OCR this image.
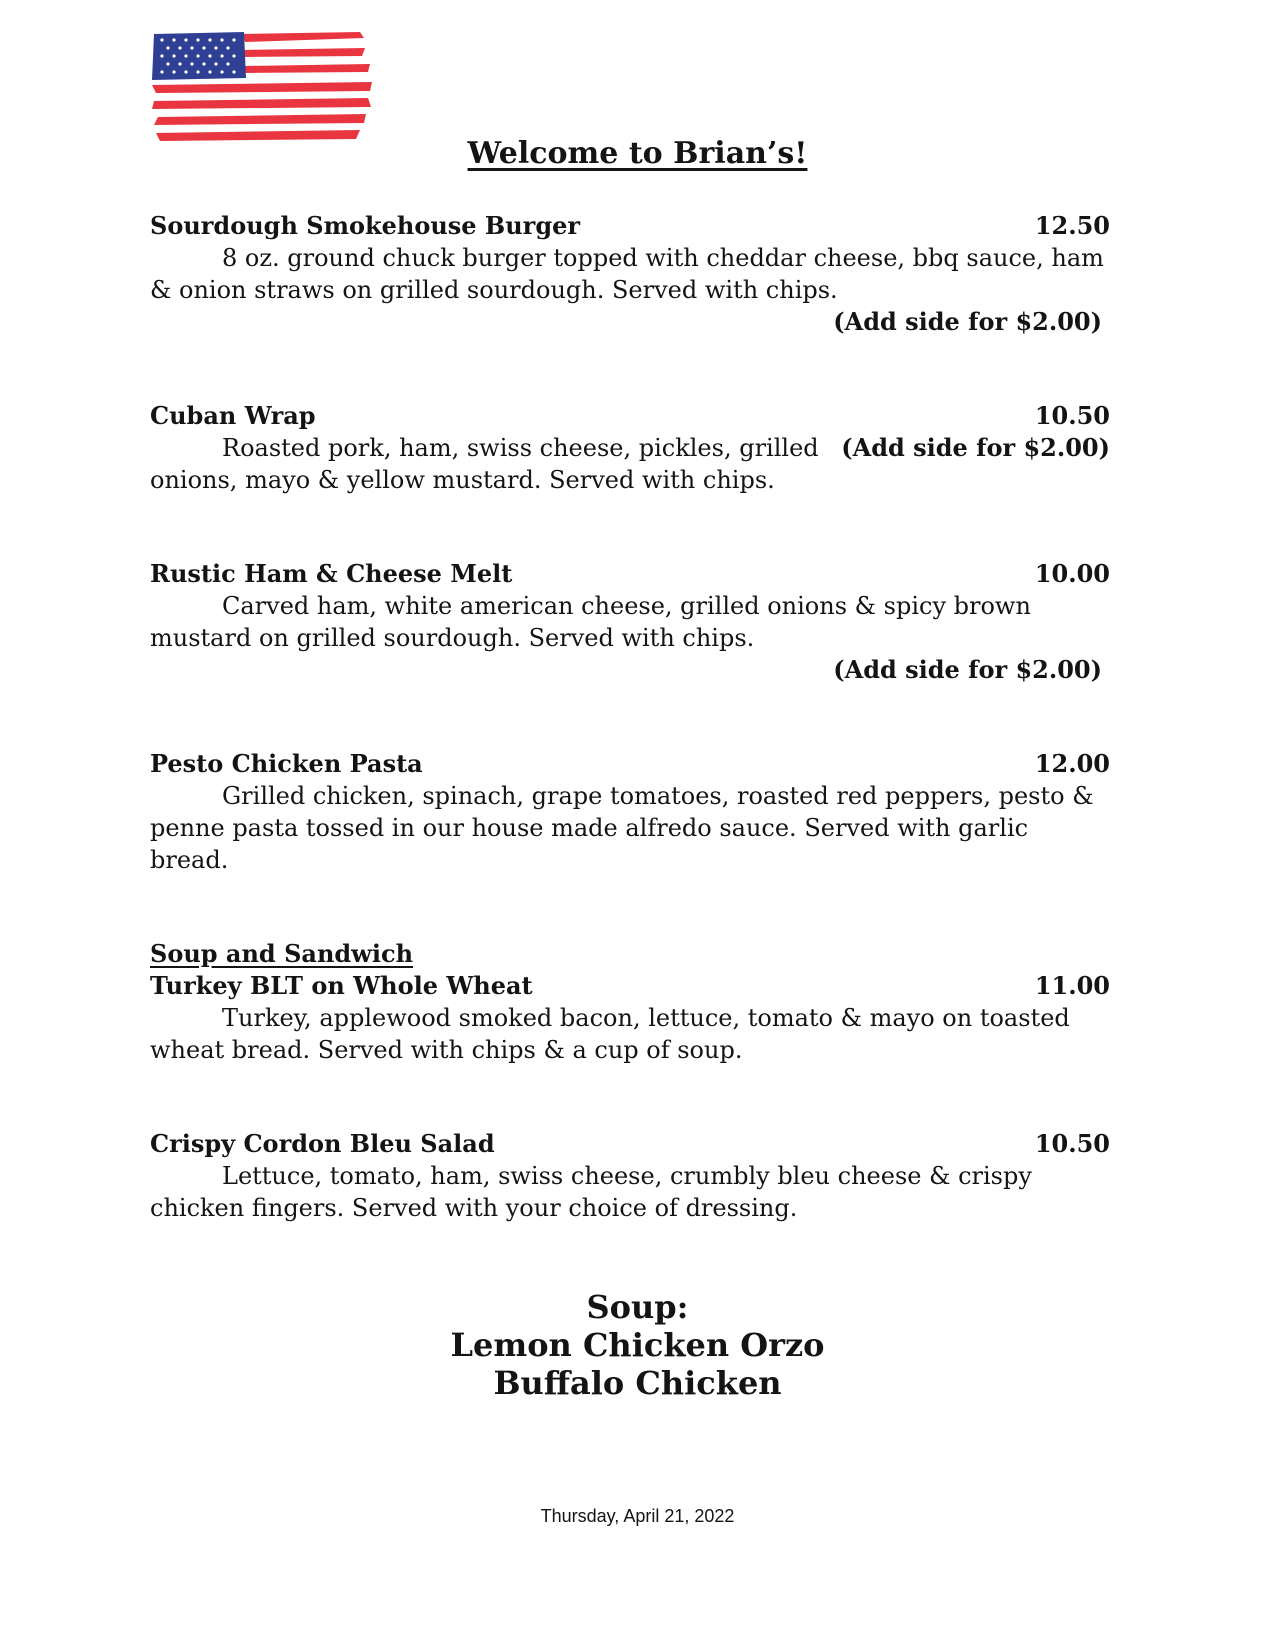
Welcome to Brian’s!
Sourdough Smokehouse Burger	12.50

8 oz. ground chuck burger topped with cheddar cheese, bbq sauce, ham & onion straws on grilled sourdough. Served with chips.

(Add side for $2.00)
Cuban Wrap	10.50

(Add side for $2.00)
Roasted pork, ham, swiss cheese, pickles, grilled onions, mayo & yellow mustard. Served with chips.

Rustic Ham & Cheese Melt	10.00

Carved ham, white american cheese, grilled onions & spicy brown mustard on grilled sourdough. Served with chips.

(Add side for $2.00)
Pesto Chicken Pasta	12.00

Grilled chicken, spinach, grape tomatoes, roasted red peppers, pesto & penne pasta tossed in our house made alfredo sauce. Served with garlic bread.

Soup and Sandwich
Turkey BLT on Whole Wheat	11.00

Turkey, applewood smoked bacon, lettuce, tomato & mayo on toasted wheat bread. Served with chips & a cup of soup.

Crispy Cordon Bleu Salad	10.50

Lettuce, tomato, ham, swiss cheese, crumbly bleu cheese & crispy chicken fingers. Served with your choice of dressing.

Soup:
Lemon Chicken Orzo
Buffalo Chicken
Thursday, April 21, 2022
